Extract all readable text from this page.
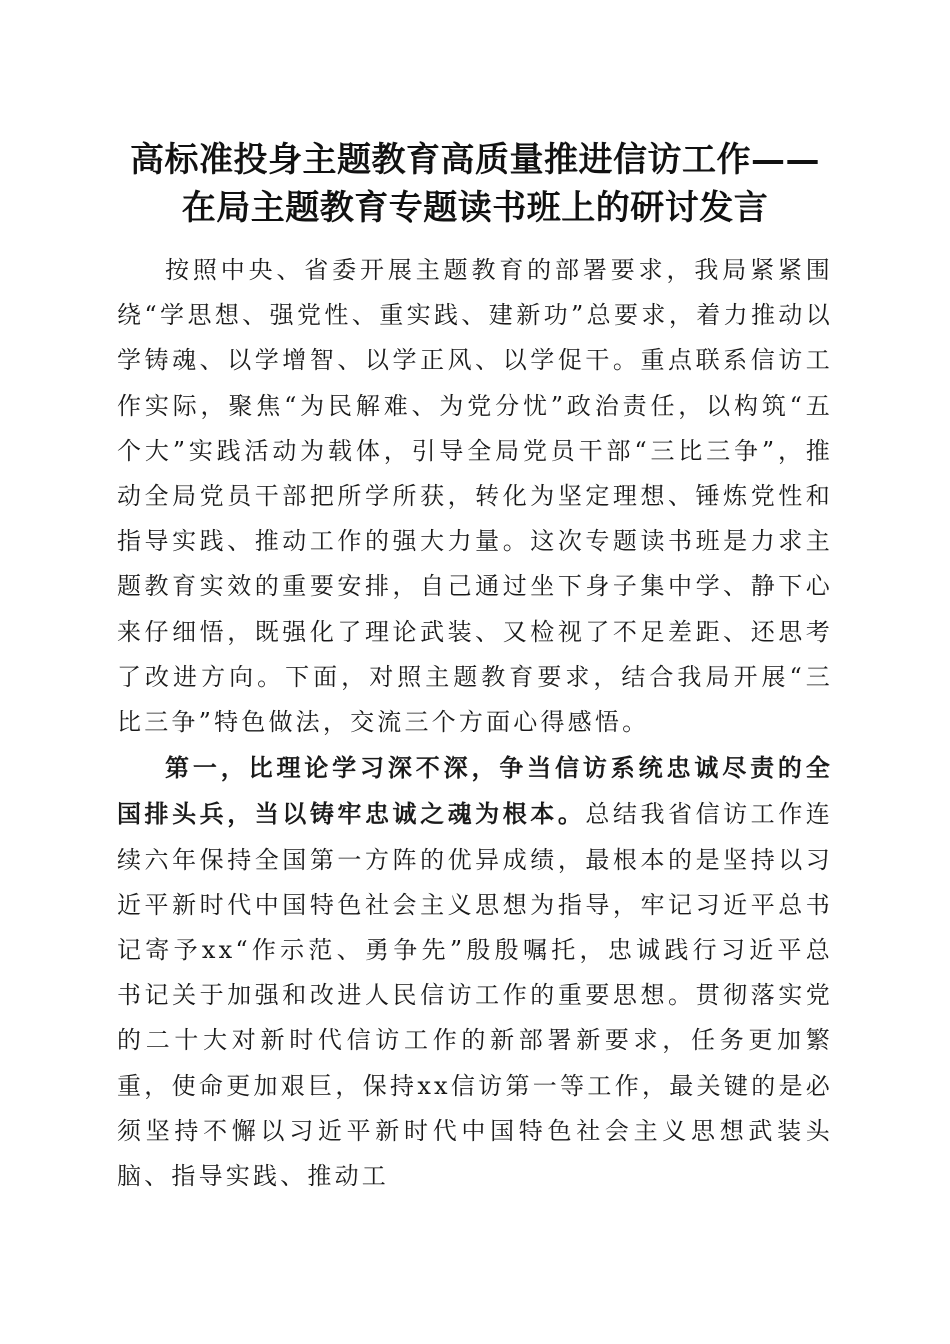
高标准投身主题教育高质量推进信访工作——
在局主题教育专题读书班上的研讨发言

按照中央、省委开展主题教育的部署要求，我局紧紧围绕“学思想、强党性、重实践、建新功”总要求，着力推动以学铸魂、以学增智、以学正风、以学促干。重点联系信访工作实际，聚焦“为民解难、为党分忧”政治责任，以构筑“五个大”实践活动为载体，引导全局党员干部“三比三争”，推动全局党员干部把所学所获，转化为坚定理想、锤炼党性和指导实践、推动工作的强大力量。这次专题读书班是力求主题教育实效的重要安排，自己通过坐下身子集中学、静下心来仔细悟，既强化了理论武装、又检视了不足差距、还思考了改进方向。下面，对照主题教育要求，结合我局开展“三比三争”特色做法，交流三个方面心得感悟。

第一，比理论学习深不深，争当信访系统忠诚尽责的全国排头兵，当以铸牢忠诚之魂为根本。总结我省信访工作连续六年保持全国第一方阵的优异成绩，最根本的是坚持以习近平新时代中国特色社会主义思想为指导，牢记习近平总书记寄予xx“作示范、勇争先”殷殷嘱托，忠诚践行习近平总书记关于加强和改进人民信访工作的重要思想。贯彻落实党的二十大对新时代信访工作的新部署新要求，任务更加繁重，使命更加艰巨，保持xx信访第一等工作，最关键的是必须坚持不懈以习近平新时代中国特色社会主义思想武装头脑、指导实践、推动工
